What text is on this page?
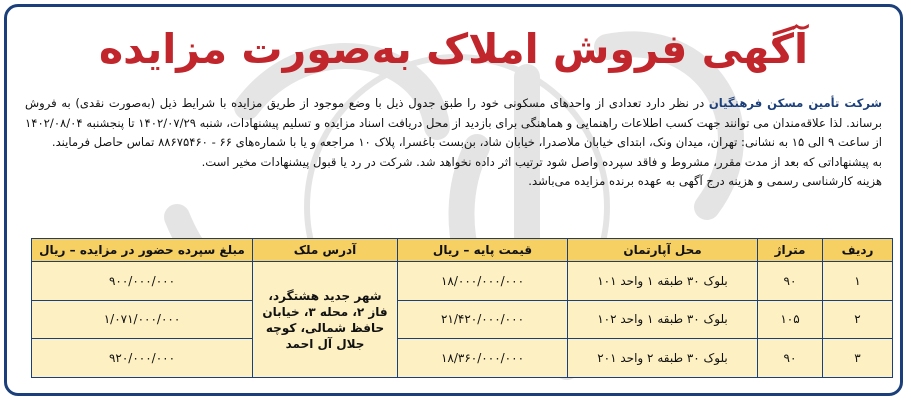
آگهی فروش املاک به‌صورت مزایده

شرکت تأمین مسکن فرهنگیان در نظر دارد تعدادی از واحدهای مسکونی خود را طبق جدول ذیل با وضع موجود از طریق مزایده با شرایط ذیل (به‌صورت نقدی) به فروش برساند. لذا علاقه‌مندان می توانند جهت کسب اطلاعات راهنمایی و هماهنگی برای بازدید از محل دریافت اسناد مزایده و تسلیم پیشنهادات، شنبه ۱۴۰۲/۰۷/۲۹ تا پنجشنبه ۱۴۰۲/۰۸/۰۴ از ساعت ۹ الی ۱۵ به نشانی: تهران، میدان ونک، ابتدای خیابان ملاصدرا، خیابان شاد، بن‌بست باغسرا، پلاک ۱۰ مراجعه و یا با شماره‌های ۶۶ - ۸۸۶۷۵۴۶۰ تماس حاصل فرمایند.

به پیشنهاداتی که بعد از مدت مقرر، مشروط و فاقد سپرده واصل شود ترتیب اثر داده نخواهد شد. شرکت در رد یا قبول پیشنهادات مخیر است.

هزینه کارشناسی رسمی و هزینه درج آگهی به عهده برنده مزایده می‌باشد.

ردیف	متراژ	محل آپارتمان	قیمت پایه – ریال	آدرس ملک	مبلغ سپرده حضور در مزایده – ریال
۱	۹۰	بلوک ۳۰ طبقه ۱ واحد ۱۰۱	۱۸/۰۰۰/۰۰۰/۰۰۰	شهر جدید هشتگرد، فاز ۲، محله ۳، خیابان حافظ شمالی، کوچه جلال آل احمد	۹۰۰/۰۰۰/۰۰۰
۲	۱۰۵	بلوک ۳۰ طبقه ۱ واحد ۱۰۲	۲۱/۴۲۰/۰۰۰/۰۰۰		۱/۰۷۱/۰۰۰/۰۰۰
۳	۹۰	بلوک ۳۰ طبقه ۲ واحد ۲۰۱	۱۸/۳۶۰/۰۰۰/۰۰۰		۹۲۰/۰۰۰/۰۰۰
